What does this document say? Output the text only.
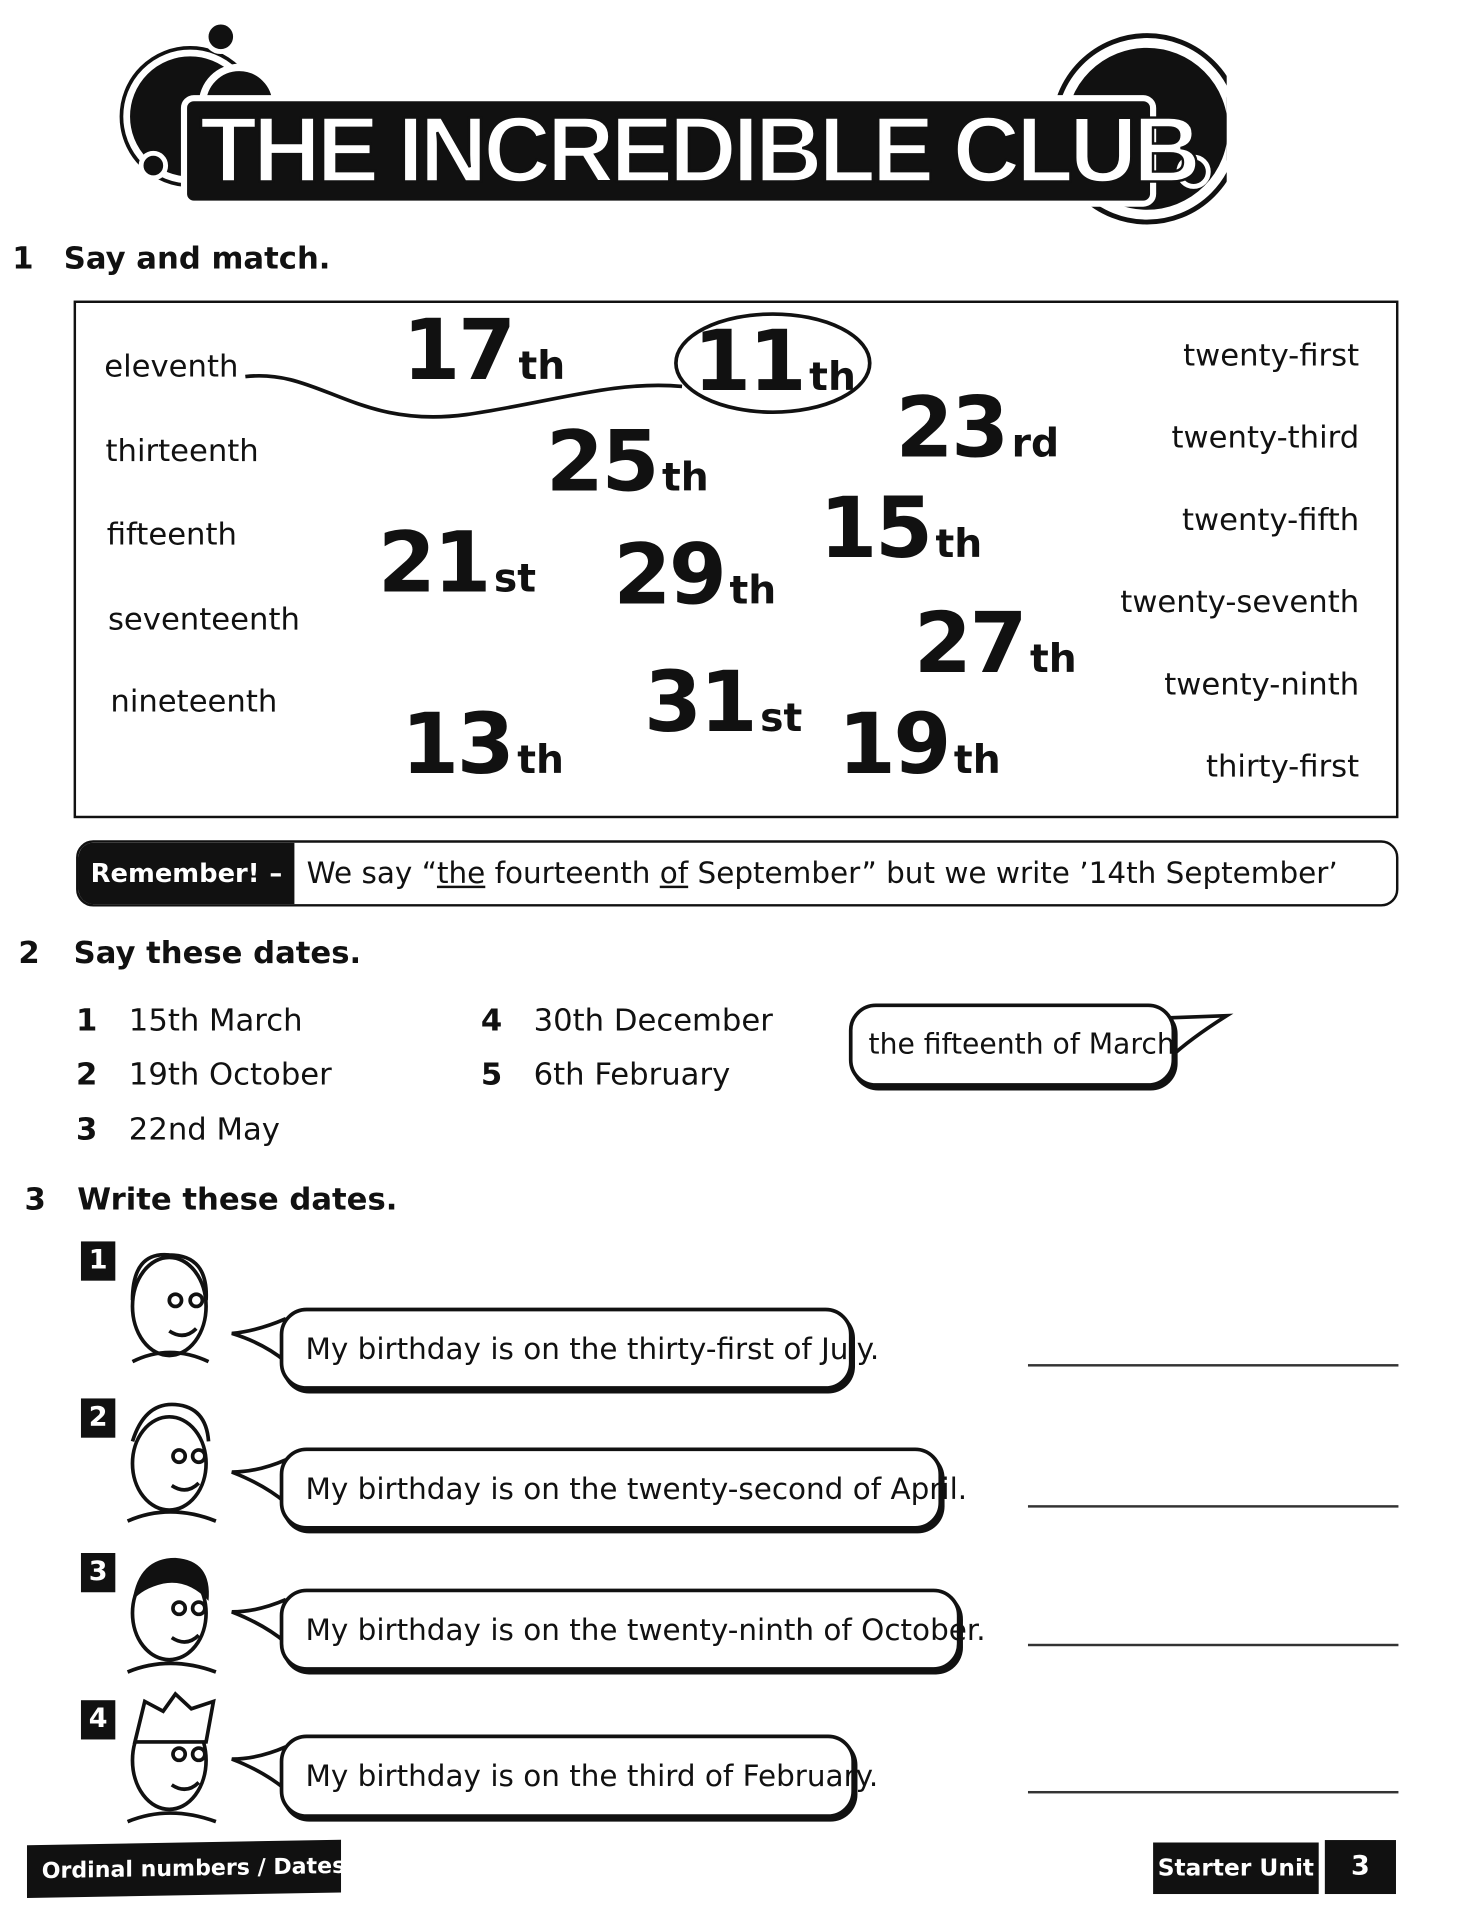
THE INCREDIBLE CLUB
1 Say and match.
eleventh
thirteenth
fifteenth
seventeenth
nineteenth
twenty-first
twenty-third
twenty-fifth
twenty-seventh
twenty-ninth
thirty-first
17 th 11 th
23 rd
25 th
15 th
21 st 29 th
27 th
31 st
13 th	19 th
Remember! –	We say “the fourteenth of September” but we write ’14th September’
2 Say these dates.
1 15th March
2 19th October
3 22nd May
4 30th December
5 6th February
the fifteenth of March
3 Write these dates.
1
2
3
4
My birthday is on the thirty-first of July.
My birthday is on the twenty-second of April.
My birthday is on the twenty-ninth of October.
My birthday is on the third of February.
Ordinal numbers / Dates	Starter Unit	3
